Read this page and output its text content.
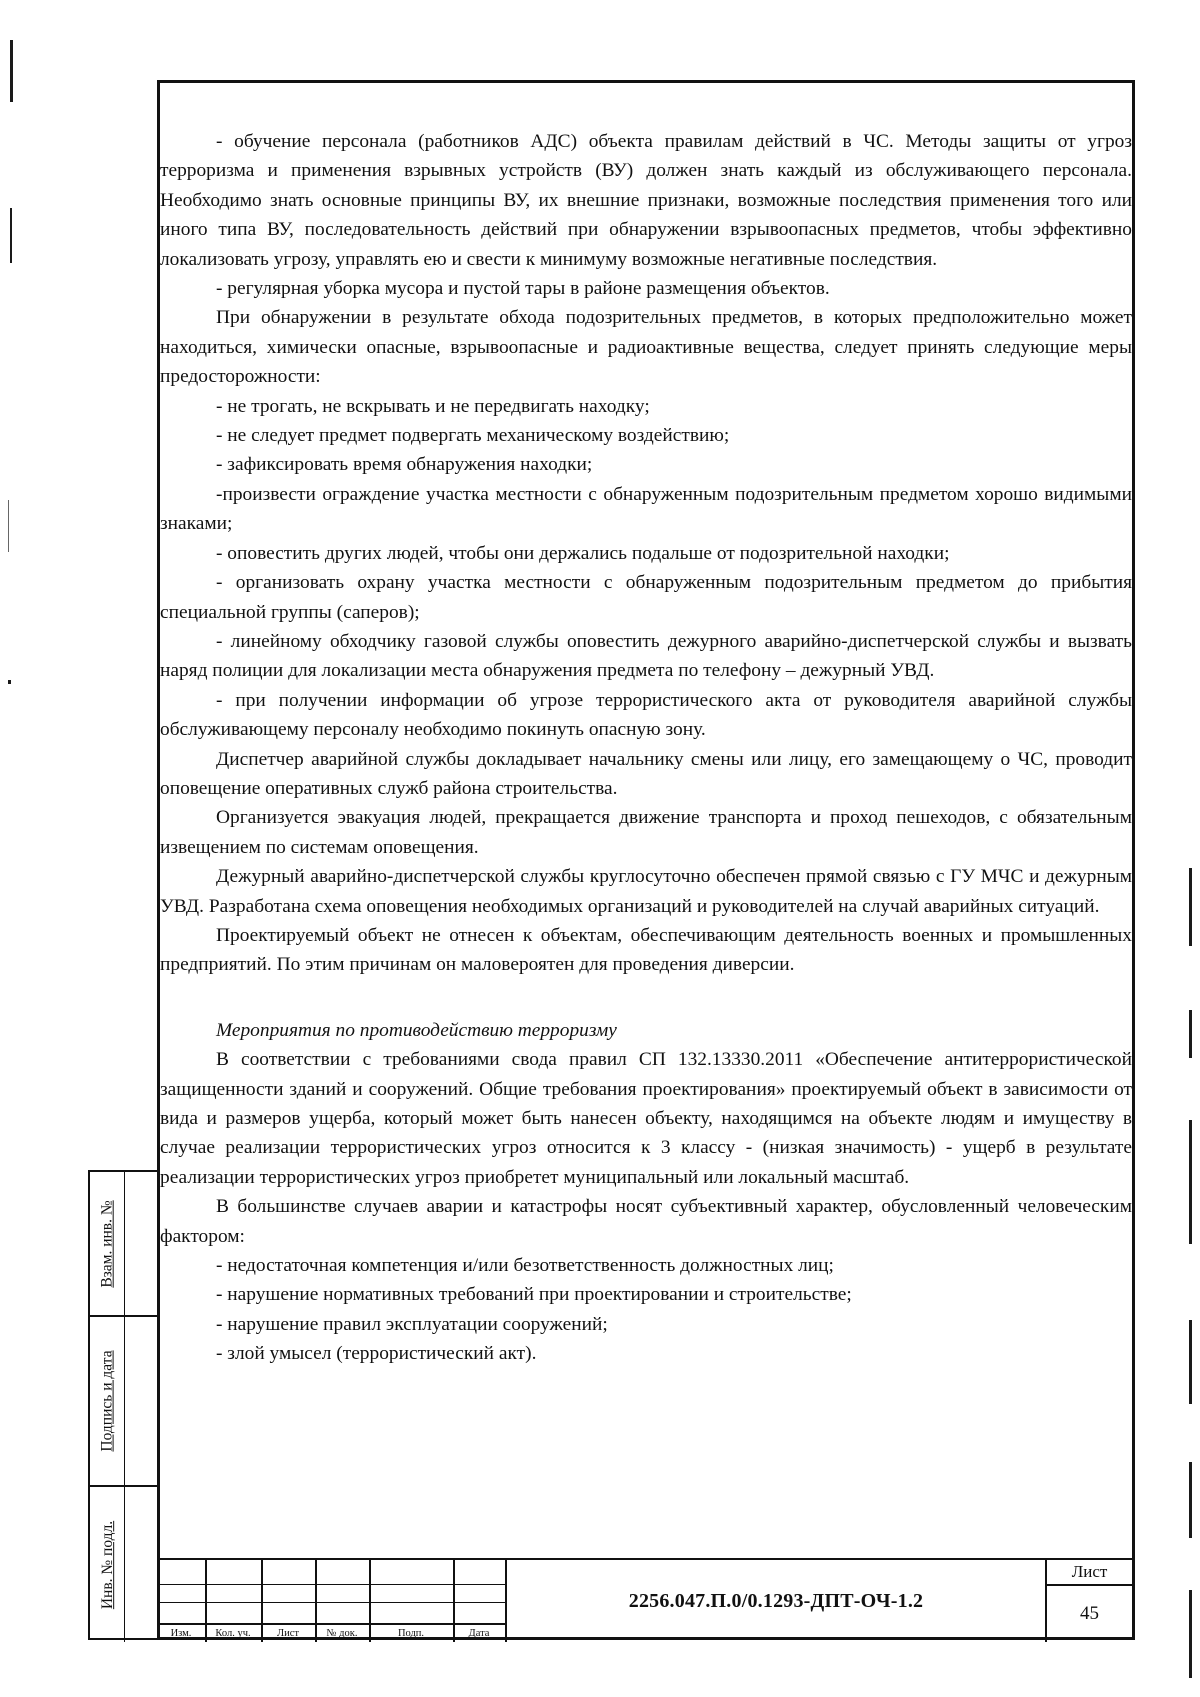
- обучение персонала (работников АДС) объекта правилам действий в ЧС. Методы защиты от угроз терроризма и применения взрывных устройств (ВУ) должен знать каждый из обслуживающего персонала. Необходимо знать основные принципы ВУ, их внешние признаки, возможные последствия применения того или иного типа ВУ, последовательность действий при обнаружении взрывоопасных предметов, чтобы эффективно локализовать угрозу, управлять ею и свести к минимуму возможные негативные последствия.

- регулярная уборка мусора и пустой тары в районе размещения объектов.

При обнаружении в результате обхода подозрительных предметов, в которых предположительно может находиться, химически опасные, взрывоопасные и радиоактивные вещества, следует принять следующие меры предосторожности:

- не трогать, не вскрывать и не передвигать находку;

- не следует предмет подвергать механическому воздействию;

- зафиксировать время обнаружения находки;

-произвести ограждение участка местности с обнаруженным подозрительным предметом хорошо видимыми знаками;

- оповестить других людей, чтобы они держались подальше от подозрительной находки;

- организовать охрану участка местности с обнаруженным подозрительным предметом до прибытия специальной группы (саперов);

- линейному обходчику газовой службы оповестить дежурного аварийно-диспетчерской службы и вызвать наряд полиции для локализации места обнаружения предмета по телефону – дежурный УВД.

- при получении информации об угрозе террористического акта от руководителя аварийной службы обслуживающему персоналу необходимо покинуть опасную зону.

Диспетчер аварийной службы докладывает начальнику смены или лицу, его замещающему о ЧС, проводит оповещение оперативных служб района строительства.

Организуется эвакуация людей, прекращается движение транспорта и проход пешеходов, с обязательным извещением по системам оповещения.

Дежурный аварийно-диспетчерской службы круглосуточно обеспечен прямой связью с ГУ МЧС и дежурным УВД. Разработана схема оповещения необходимых организаций и руководителей на случай аварийных ситуаций.

Проектируемый объект не отнесен к объектам, обеспечивающим деятельность военных и промышленных предприятий. По этим причинам он маловероятен для проведения диверсии.

Мероприятия по противодействию терроризму

В соответствии с требованиями свода правил СП 132.13330.2011 «Обеспечение антитеррористической защищенности зданий и сооружений. Общие требования проектирования» проектируемый объект в зависимости от вида и размеров ущерба, который может быть нанесен объекту, находящимся на объекте людям и имуществу в случае реализации террористических угроз относится к 3 классу - (низкая значимость) - ущерб в результате реализации террористических угроз приобретет муниципальный или локальный масштаб.

В большинстве случаев аварии и катастрофы носят субъективный характер, обусловленный человеческим фактором:

- недостаточная компетенция и/или безответственность должностных лиц;

- нарушение нормативных требований при проектировании и строительстве;

- нарушение правил эксплуатации сооружений;

- злой умысел (террористический акт).

Взам. инв. №
Подпись и дата
Инв. № подл.
Изм.	Кол. уч.	Лист	№ док.	Подп.	Дата
2256.047.П.0/0.1293-ДПТ-ОЧ-1.2
Лист
45
